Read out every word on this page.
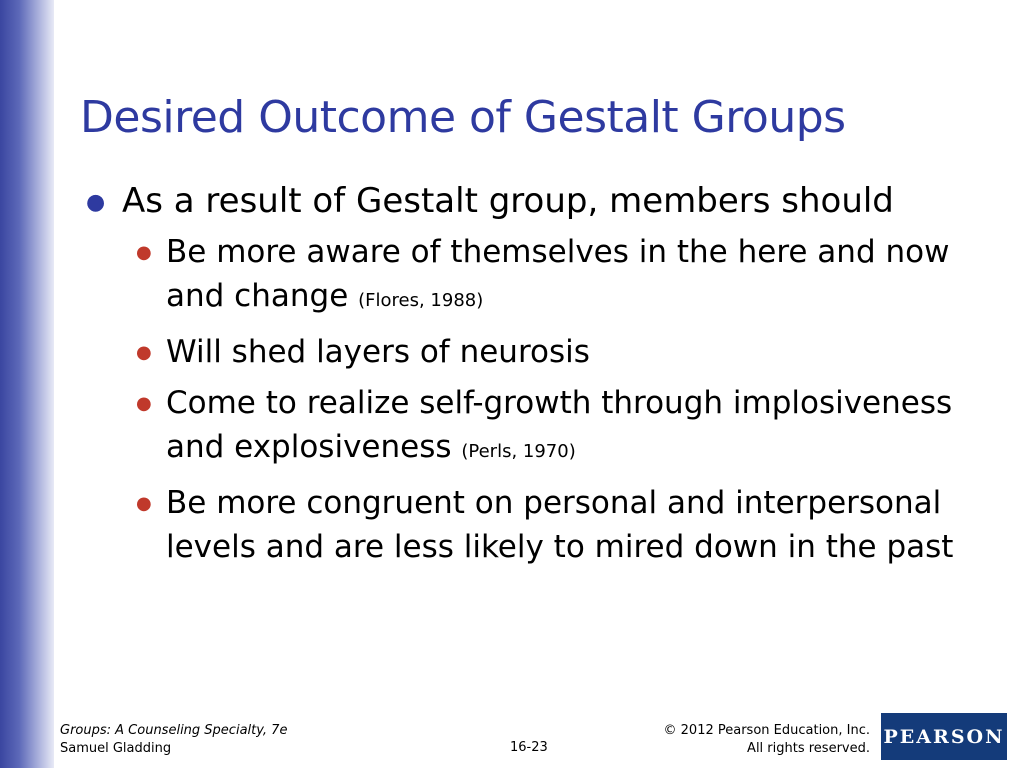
Desired Outcome of Gestalt Groups
● As a result of Gestalt group, members should
● Be more aware of themselves in the here and now and change (Flores, 1988)
● Will shed layers of neurosis
● Come to realize self-growth through implosiveness and explosiveness (Perls, 1970)
● Be more congruent on personal and interpersonal levels and are less likely to mired down in the past
Groups: A Counseling Specialty, 7e
Samuel Gladding	16-23
© 2012 Pearson Education, Inc.
All rights reserved.
PEARSON
